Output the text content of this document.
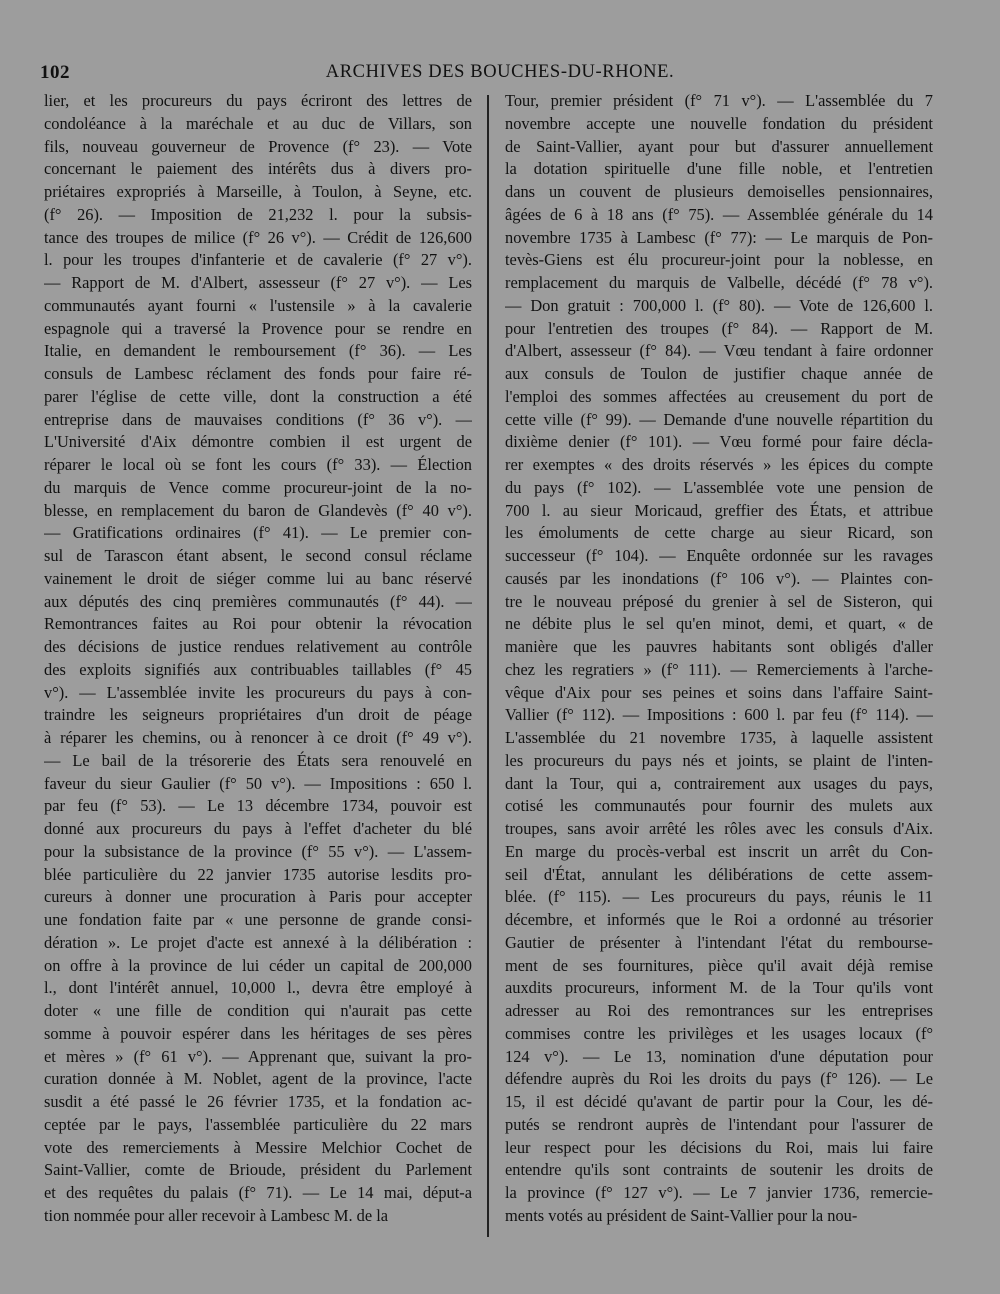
102	ARCHIVES DES BOUCHES-DU-RHONE.
lier, et les procureurs du pays écriront des lettres de
condoléance à la maréchale et au duc de Villars, son
fils, nouveau gouverneur de Provence (f° 23). — Vote
concernant le paiement des intérêts dus à divers pro-
priétaires expropriés à Marseille, à Toulon, à Seyne, etc.
(f° 26). — Imposition de 21,232 l. pour la subsis-
tance des troupes de milice (f° 26 v°). — Crédit de 126,600
l. pour les troupes d'infanterie et de cavalerie (f° 27 v°).
— Rapport de M. d'Albert, assesseur (f° 27 v°). — Les
communautés ayant fourni « l'ustensile » à la cavalerie
espagnole qui a traversé la Provence pour se rendre en
Italie, en demandent le remboursement (f° 36). — Les
consuls de Lambesc réclament des fonds pour faire ré-
parer l'église de cette ville, dont la construction a été
entreprise dans de mauvaises conditions (f° 36 v°). —
L'Université d'Aix démontre combien il est urgent de
réparer le local où se font les cours (f° 33). — Élection
du marquis de Vence comme procureur-joint de la no-
blesse, en remplacement du baron de Glandevès (f° 40 v°).
— Gratifications ordinaires (f° 41). — Le premier con-
sul de Tarascon étant absent, le second consul réclame
vainement le droit de siéger comme lui au banc réservé
aux députés des cinq premières communautés (f° 44). —
Remontrances faites au Roi pour obtenir la révocation
des décisions de justice rendues relativement au contrôle
des exploits signifiés aux contribuables taillables (f° 45
v°). — L'assemblée invite les procureurs du pays à con-
traindre les seigneurs propriétaires d'un droit de péage
à réparer les chemins, ou à renoncer à ce droit (f° 49 v°).
— Le bail de la trésorerie des États sera renouvelé en
faveur du sieur Gaulier (f° 50 v°). — Impositions : 650 l.
par feu (f° 53). — Le 13 décembre 1734, pouvoir est
donné aux procureurs du pays à l'effet d'acheter du blé
pour la subsistance de la province (f° 55 v°). — L'assem-
blée particulière du 22 janvier 1735 autorise lesdits pro-
cureurs à donner une procuration à Paris pour accepter
une fondation faite par « une personne de grande consi-
dération ». Le projet d'acte est annexé à la délibération :
on offre à la province de lui céder un capital de 200,000
l., dont l'intérêt annuel, 10,000 l., devra être employé à
doter « une fille de condition qui n'aurait pas cette
somme à pouvoir espérer dans les héritages de ses pères
et mères » (f° 61 v°). — Apprenant que, suivant la pro-
curation donnée à M. Noblet, agent de la province, l'acte
susdit a été passé le 26 février 1735, et la fondation ac-
ceptée par le pays, l'assemblée particulière du 22 mars
vote des remerciements à Messire Melchior Cochet de
Saint-Vallier, comte de Brioude, président du Parlement
et des requêtes du palais (f° 71). — Le 14 mai, déput-a
tion nommée pour aller recevoir à Lambesc M. de la
Tour, premier président (f° 71 v°). — L'assemblée du 7
novembre accepte une nouvelle fondation du président
de Saint-Vallier, ayant pour but d'assurer annuellement
la dotation spirituelle d'une fille noble, et l'entretien
dans un couvent de plusieurs demoiselles pensionnaires,
âgées de 6 à 18 ans (f° 75). — Assemblée générale du 14
novembre 1735 à Lambesc (f° 77): — Le marquis de Pon-
tevès-Giens est élu procureur-joint pour la noblesse, en
remplacement du marquis de Valbelle, décédé (f° 78 v°).
— Don gratuit : 700,000 l. (f° 80). — Vote de 126,600 l.
pour l'entretien des troupes (f° 84). — Rapport de M.
d'Albert, assesseur (f° 84). — Vœu tendant à faire ordonner
aux consuls de Toulon de justifier chaque année de
l'emploi des sommes affectées au creusement du port de
cette ville (f° 99). — Demande d'une nouvelle répartition du
dixième denier (f° 101). — Vœu formé pour faire décla-
rer exemptes « des droits réservés » les épices du compte
du pays (f° 102). — L'assemblée vote une pension de
700 l. au sieur Moricaud, greffier des États, et attribue
les émoluments de cette charge au sieur Ricard, son
successeur (f° 104). — Enquête ordonnée sur les ravages
causés par les inondations (f° 106 v°). — Plaintes con-
tre le nouveau préposé du grenier à sel de Sisteron, qui
ne débite plus le sel qu'en minot, demi, et quart, « de
manière que les pauvres habitants sont obligés d'aller
chez les regratiers » (f° 111). — Remerciements à l'arche-
vêque d'Aix pour ses peines et soins dans l'affaire Saint-
Vallier (f° 112). — Impositions : 600 l. par feu (f° 114). —
L'assemblée du 21 novembre 1735, à laquelle assistent
les procureurs du pays nés et joints, se plaint de l'inten-
dant la Tour, qui a, contrairement aux usages du pays,
cotisé les communautés pour fournir des mulets aux
troupes, sans avoir arrêté les rôles avec les consuls d'Aix.
En marge du procès-verbal est inscrit un arrêt du Con-
seil d'État, annulant les délibérations de cette assem-
blée. (f° 115). — Les procureurs du pays, réunis le 11
décembre, et informés que le Roi a ordonné au trésorier
Gautier de présenter à l'intendant l'état du rembourse-
ment de ses fournitures, pièce qu'il avait déjà remise
auxdits procureurs, informent M. de la Tour qu'ils vont
adresser au Roi des remontrances sur les entreprises
commises contre les privilèges et les usages locaux (f°
124 v°). — Le 13, nomination d'une députation pour
défendre auprès du Roi les droits du pays (f° 126). — Le
15, il est décidé qu'avant de partir pour la Cour, les dé-
putés se rendront auprès de l'intendant pour l'assurer de
leur respect pour les décisions du Roi, mais lui faire
entendre qu'ils sont contraints de soutenir les droits de
la province (f° 127 v°). — Le 7 janvier 1736, remercie-
ments votés au président de Saint-Vallier pour la nou-
